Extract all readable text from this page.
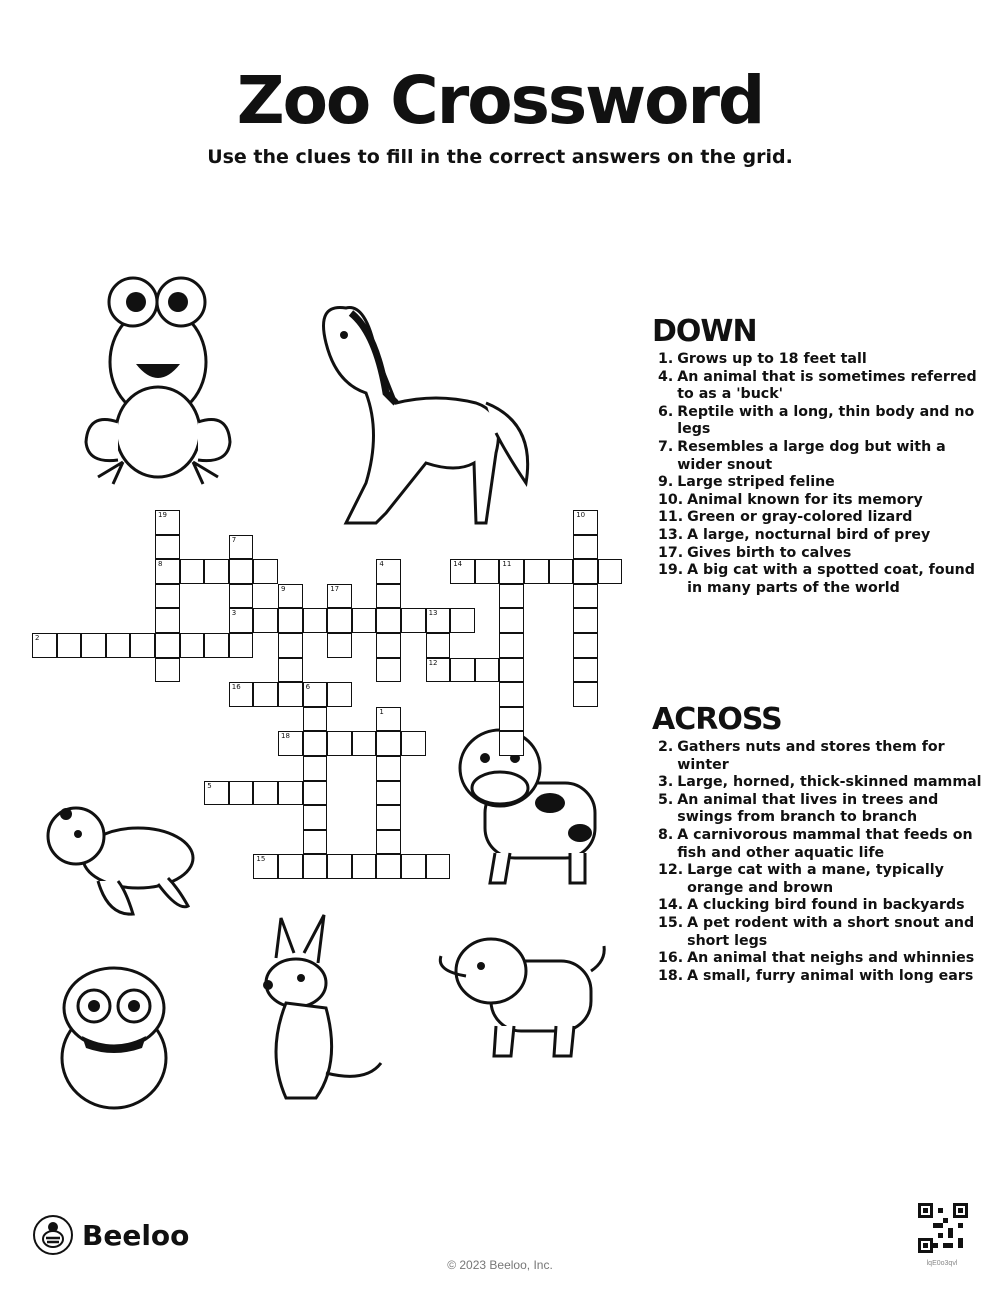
Zoo Crossword
Use the clues to fill in the correct answers on the grid.
19
8
7
3
10
9	17
4	14	11
13
12
2
16	6
1
18
5
15
DOWN
1. Grows up to 18 feet tall
4. An animal that is sometimes referred to as a 'buck'
6. Reptile with a long, thin body and no legs
7. Resembles a large dog but with a wider snout
9. Large striped feline
10. Animal known for its memory
11. Green or gray-colored lizard
13. A large, nocturnal bird of prey
17. Gives birth to calves
19. A big cat with a spotted coat, found in many parts of the world
ACROSS
2. Gathers nuts and stores them for winter
3. Large, horned, thick-skinned mammal
5. An animal that lives in trees and swings from branch to branch
8. A carnivorous mammal that feeds on fish and other aquatic life
12. Large cat with a mane, typically orange and brown
14. A clucking bird found in backyards
15. A pet rodent with a short snout and short legs
16. An animal that neighs and whinnies
18. A small, furry animal with long ears
Beeloo
© 2023 Beeloo, Inc.	lqE0o3qvl
